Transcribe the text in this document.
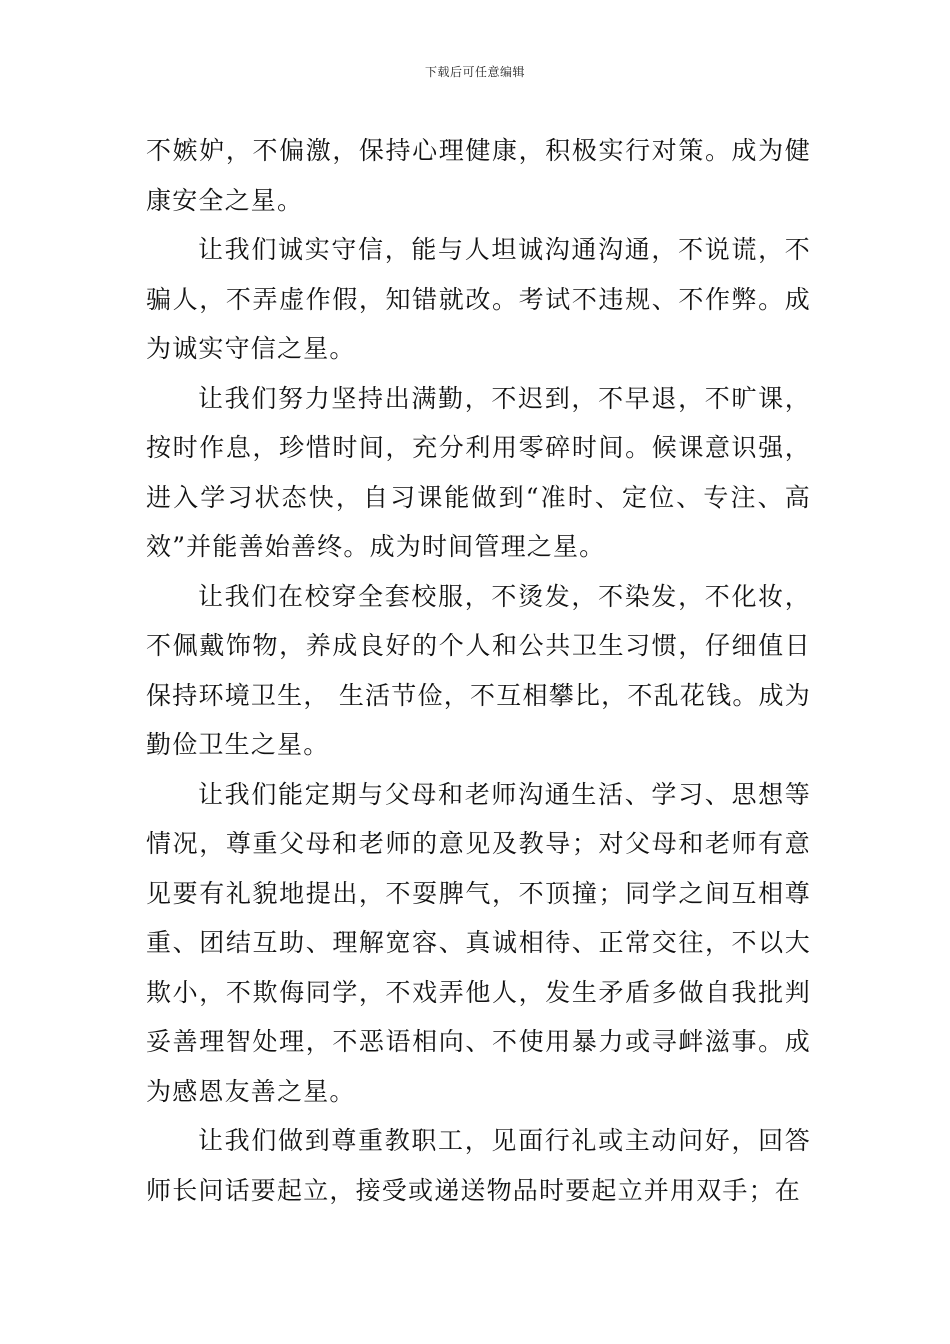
下载后可任意编辑

不嫉妒，不偏激，保持心理健康，积极实行对策。成为健康安全之星。

让我们诚实守信，能与人坦诚沟通沟通，不说谎，不骗人，不弄虚作假，知错就改。考试不违规、不作弊。成为诚实守信之星。

让我们努力坚持出满勤，不迟到，不早退，不旷课，按时作息，珍惜时间，充分利用零碎时间。候课意识强，进入学习状态快，自习课能做到“准时、定位、专注、高效”并能善始善终。成为时间管理之星。

让我们在校穿全套校服，不烫发，不染发，不化妆，不佩戴饰物，养成良好的个人和公共卫生习惯，仔细值日保持环境卫生， 生活节俭，不互相攀比，不乱花钱。成为勤俭卫生之星。

让我们能定期与父母和老师沟通生活、学习、思想等情况，尊重父母和老师的意见及教导；对父母和老师有意见要有礼貌地提出，不耍脾气，不顶撞；同学之间互相尊重、团结互助、理解宽容、真诚相待、正常交往，不以大欺小，不欺侮同学，不戏弄他人，发生矛盾多做自我批判妥善理智处理，不恶语相向、不使用暴力或寻衅滋事。成为感恩友善之星。

让我们做到尊重教职工，见面行礼或主动问好，回答师长问话要起立，接受或递送物品时要起立并用双手；在
